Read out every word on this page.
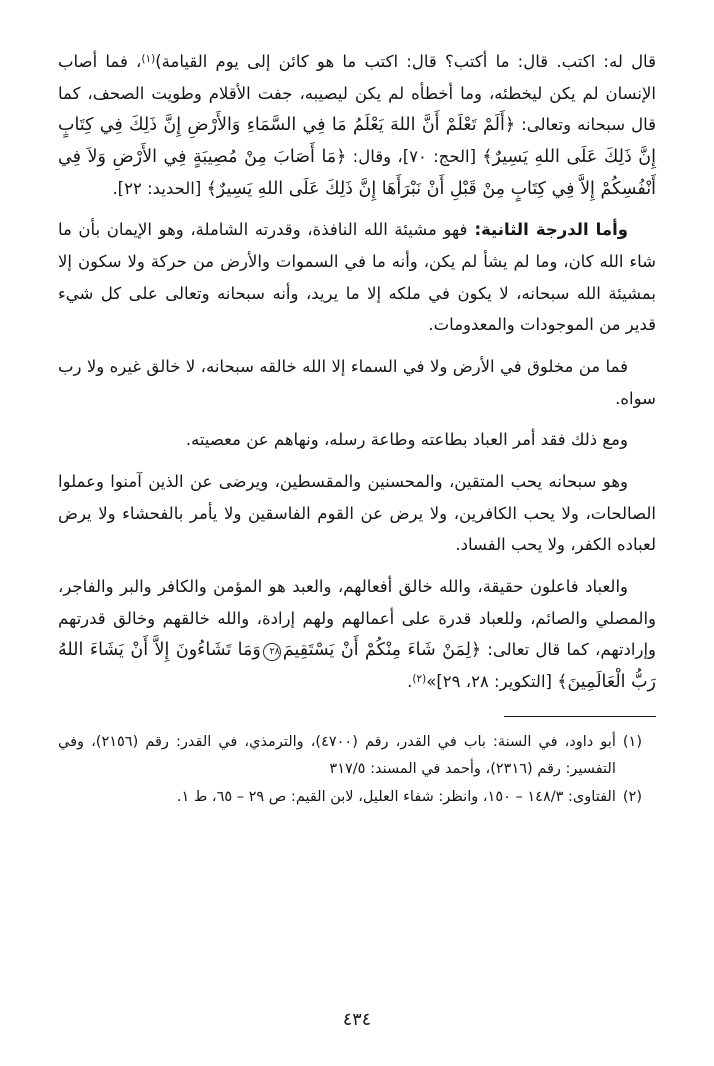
قال له: اكتب. قال: ما أكتب؟ قال: اكتب ما هو كائن إلى يوم القيامة)$^{(١)}$، فما أصاب الإنسان لم يكن ليخطئه، وما أخطأه لم يكن ليصيبه، جفت الأقلام وطويت الصحف، كما قال سبحانه وتعالى: ﴿أَلَمْ تَعْلَمْ أَنَّ اللهَ يَعْلَمُ مَا فِي السَّمَاءِ وَالأَرْضِ إِنَّ ذَلِكَ فِي كِتَابٍ إِنَّ ذَلِكَ عَلَى اللهِ يَسِيرٌ﴾ [الحج: ٧٠]، وقال: ﴿مَا أَصَابَ مِنْ مُصِيبَةٍ فِي الأَرْضِ وَلاَ فِي أَنْفُسِكُمْ إِلاَّ فِي كِتَابٍ مِنْ قَبْلِ أَنْ نَبْرَأَهَا إِنَّ ذَلِكَ عَلَى اللهِ يَسِيرٌ﴾ [الحديد: ٢٢].

وأما الدرجة الثانية: فهو مشيئة الله النافذة، وقدرته الشاملة، وهو الإيمان بأن ما شاء الله كان، وما لم يشأ لم يكن، وأنه ما في السموات والأرض من حركة ولا سكون إلا بمشيئة الله سبحانه، لا يكون في ملكه إلا ما يريد، وأنه سبحانه وتعالى على كل شيء قدير من الموجودات والمعدومات.

فما من مخلوق في الأرض ولا في السماء إلا الله خالقه سبحانه، لا خالق غيره ولا رب سواه.

ومع ذلك فقد أمر العباد بطاعته وطاعة رسله، ونهاهم عن معصيته.

وهو سبحانه يحب المتقين، والمحسنين والمقسطين، ويرضى عن الذين آمنوا وعملوا الصالحات، ولا يحب الكافرين، ولا يرض عن القوم الفاسقين ولا يأمر بالفحشاء ولا يرض لعباده الكفر، ولا يحب الفساد.

والعباد فاعلون حقيقة، والله خالق أفعالهم، والعبد هو المؤمن والكافر والبر والفاجر، والمصلي والصائم، وللعباد قدرة على أعمالهم ولهم إرادة، والله خالقهم وخالق قدرتهم وإرادتهم، كما قال تعالى: ﴿لِمَنْ شَاءَ مِنْكُمْ أَنْ يَسْتَقِيمَ٢٨وَمَا تَشَاءُونَ إِلاَّ أَنْ يَشَاءَ اللهُ رَبُّ الْعَالَمِينَ﴾ [التكوير: ٢٨، ٢٩]»$^{(٢)}$.

(١)
أبو داود، في السنة: باب في القدر، رقم (٤٧٠٠)، والترمذي، في القدر: رقم (٢١٥٦)، وفي التفسير: رقم (٢٣١٦)، وأحمد في المسند: ٣١٧/٥
(٢)
الفتاوى: ١٤٨/٣ – ١٥٠، وانظر: شفاء العليل، لابن القيم: ص ٢٩ – ٦٥، ط ١.
٤٣٤
